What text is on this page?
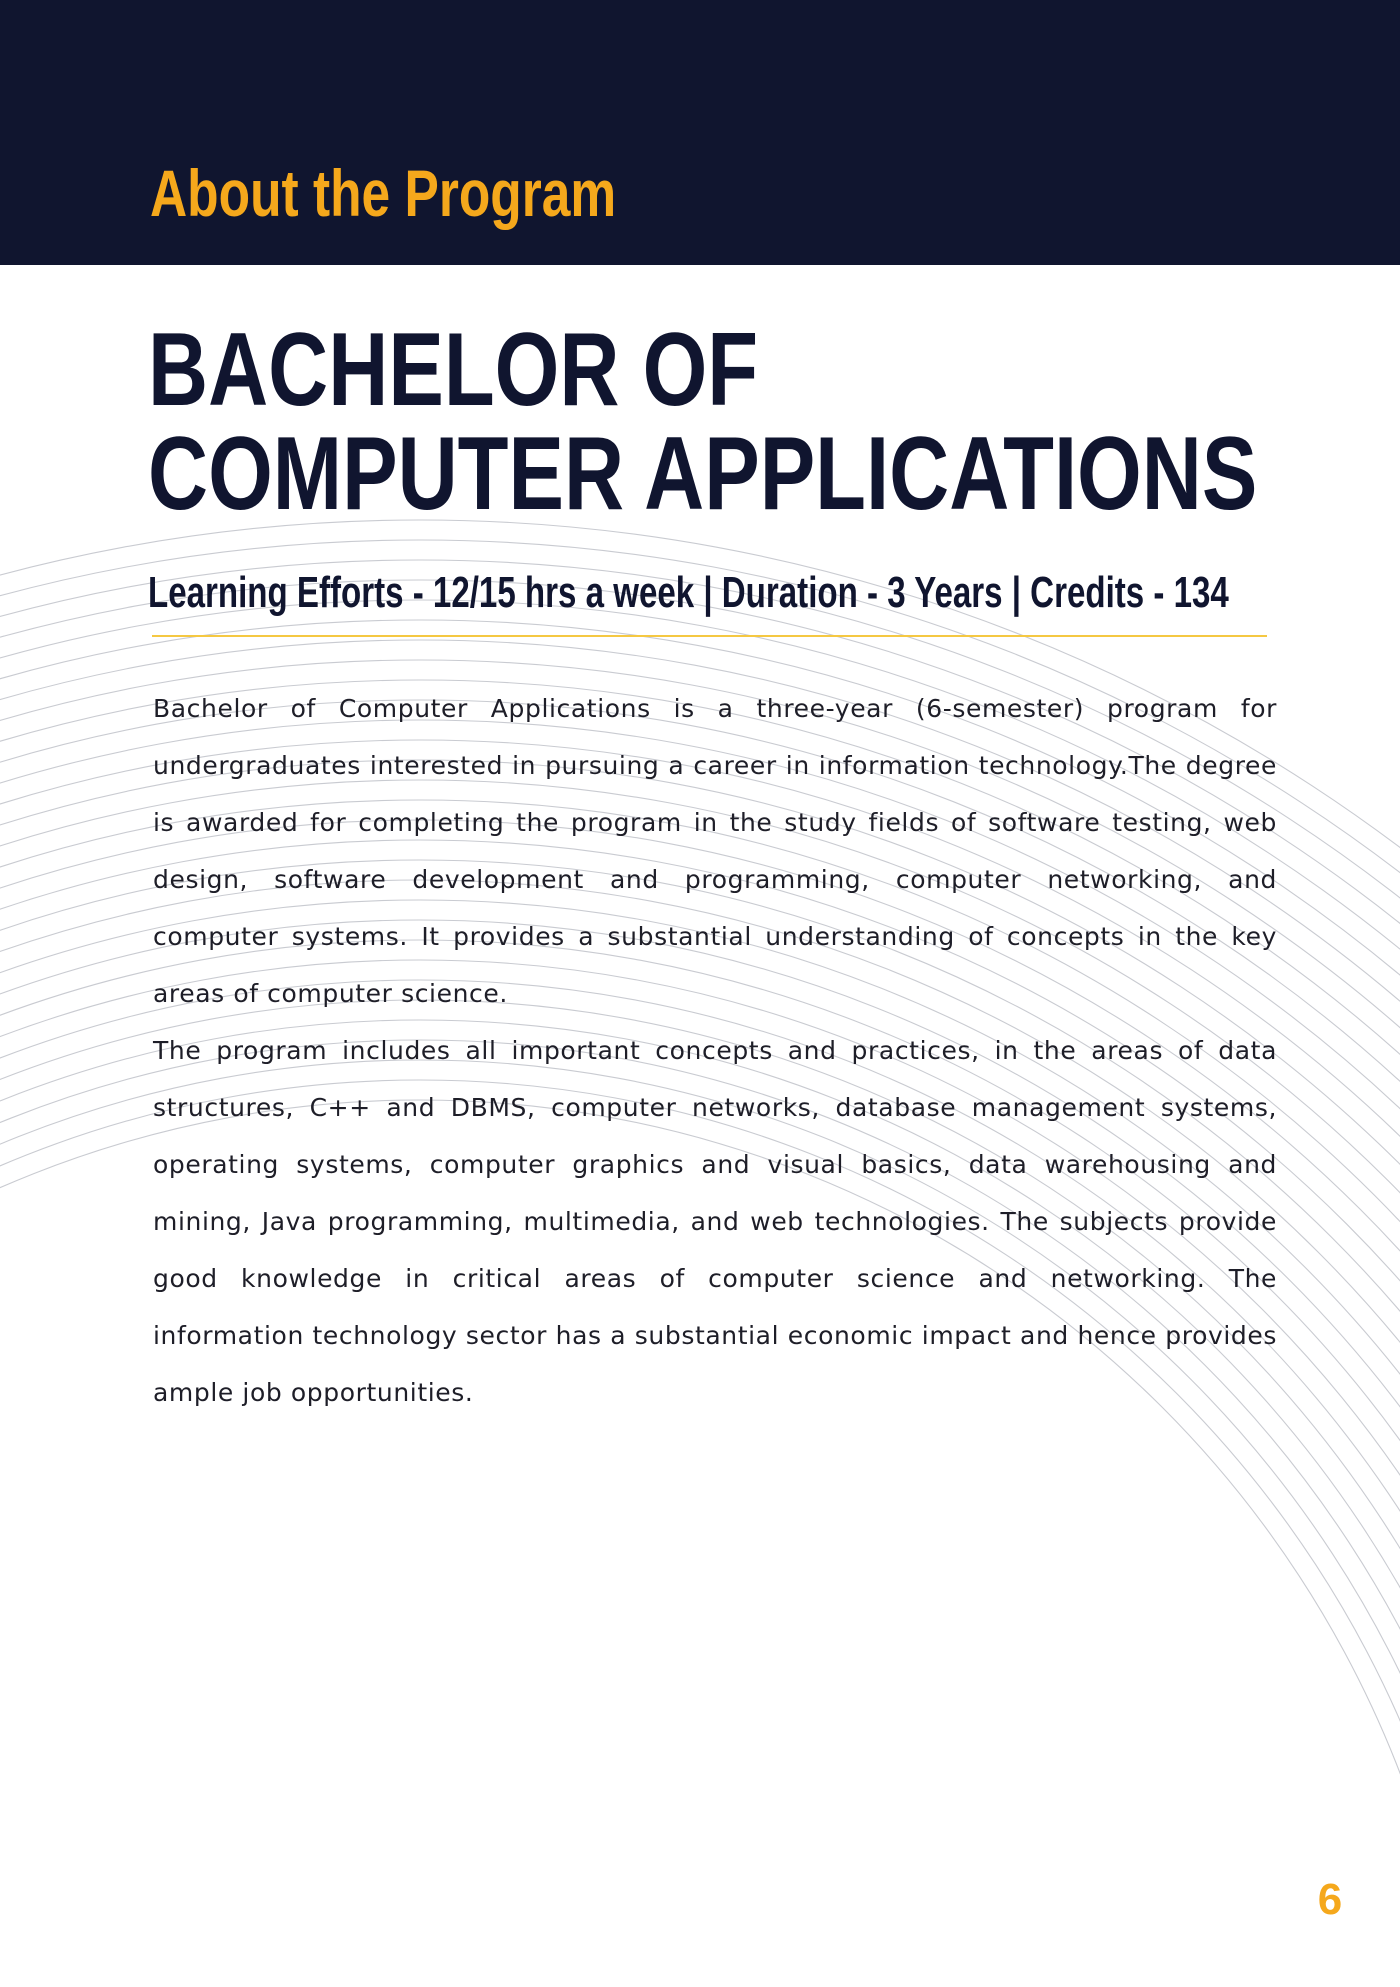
About the Program
BACHELOR OF
COMPUTER APPLICATIONS
Learning Efforts - 12/15 hrs a week | Duration - 3 Years | Credits - 134

Bachelor of Computer Applications is a three-year (6-semester) program for undergraduates interested in pursuing a career in information technology.The degree is awarded for completing the program in the study fields of software testing, web design, software development and programming, computer networking, and computer systems. It provides a substantial understanding of concepts in the key areas of computer science.

The program includes all important concepts and practices, in the areas of data structures, C++ and DBMS, computer networks, database management systems, operating systems, computer graphics and visual basics, data warehousing and mining, Java programming, multimedia, and web technologies. The subjects provide good knowledge in critical areas of computer science and networking. The information technology sector has a substantial economic impact and hence provides ample job opportunities.

6
